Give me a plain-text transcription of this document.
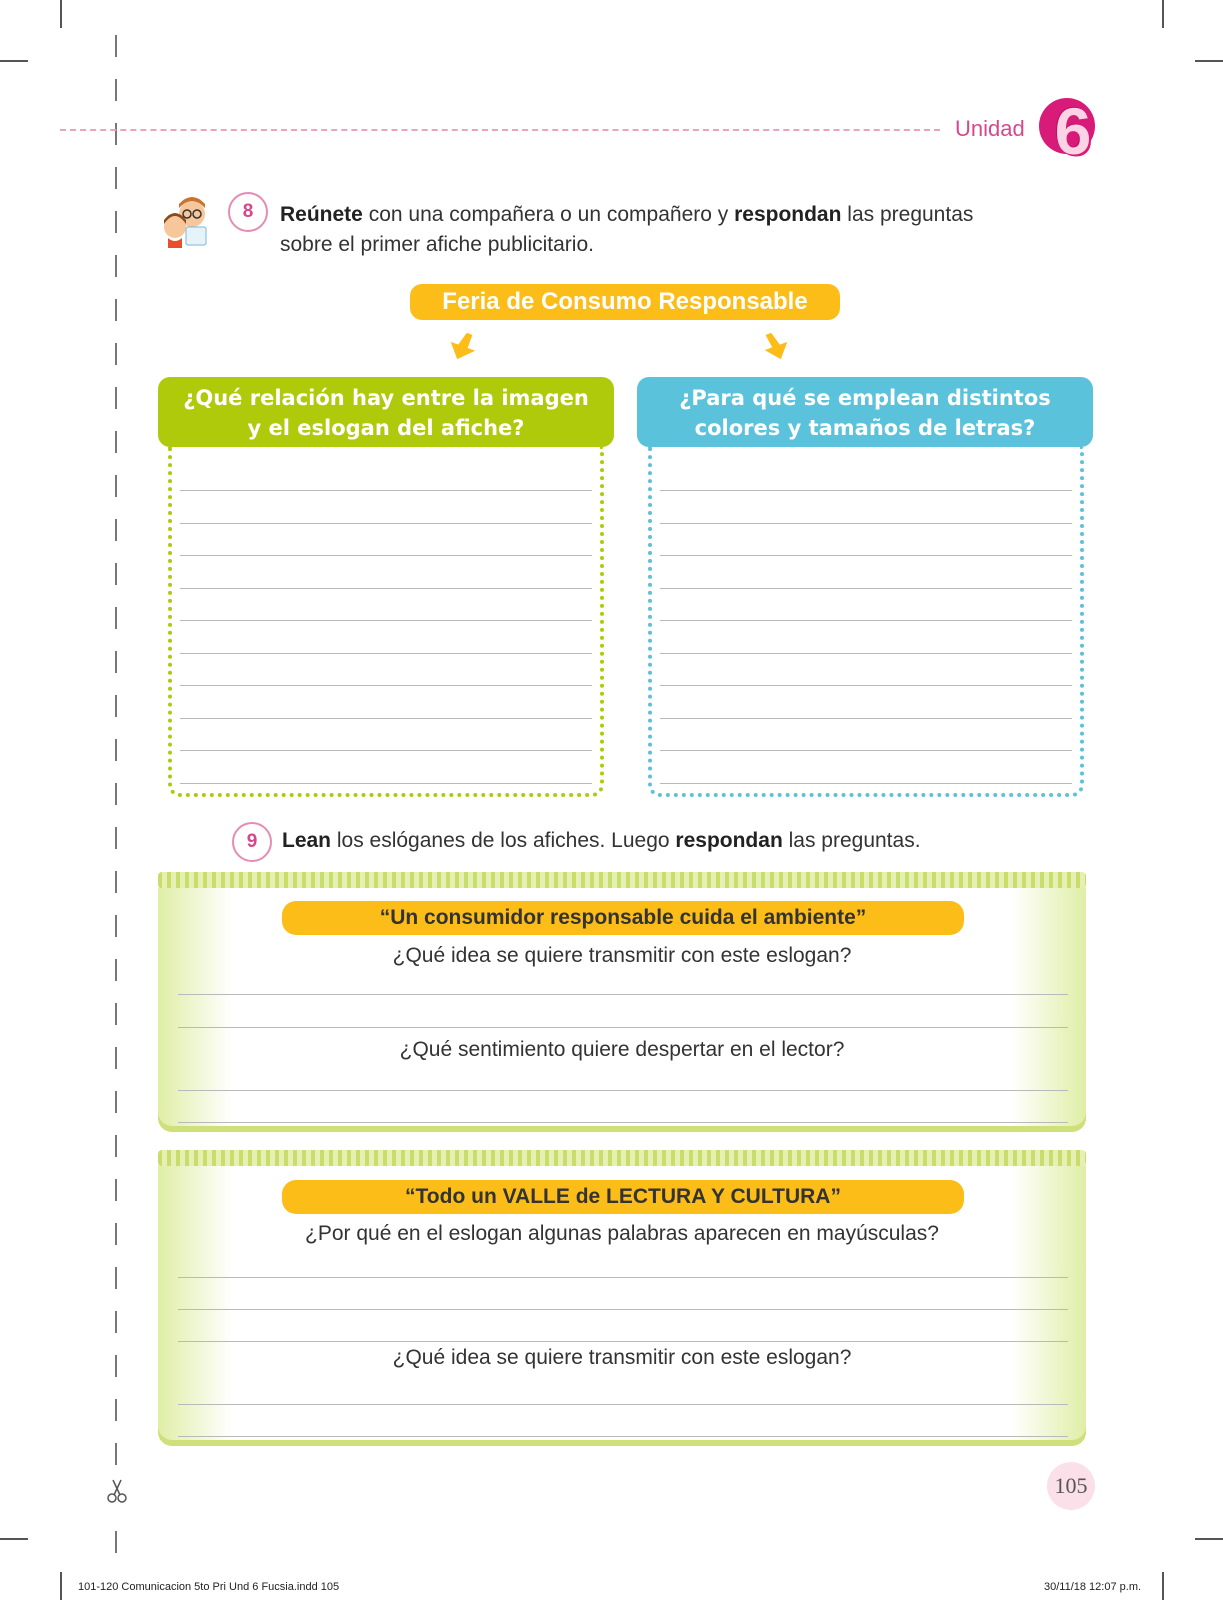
Unidad 6
8	Reúnete con una compañera o un compañero y respondan las preguntas
sobre el primer afiche publicitario.
Feria de Consumo Responsable
¿Qué relación hay entre la imagen
y el eslogan del afiche?
¿Para qué se emplean distintos
colores y tamaños de letras?
9	Lean los eslóganes de los afiches. Luego respondan las preguntas.
“Un consumidor responsable cuida el ambiente”
¿Qué idea se quiere transmitir con este eslogan?
¿Qué sentimiento quiere despertar en el lector?
“Todo un VALLE de LECTURA Y CULTURA”
¿Por qué en el eslogan algunas palabras aparecen en mayúsculas?
¿Qué idea se quiere transmitir con este eslogan?
105
101-120 Comunicacion 5to Pri Und 6 Fucsia.indd 105	30/11/18 12:07 p.m.
